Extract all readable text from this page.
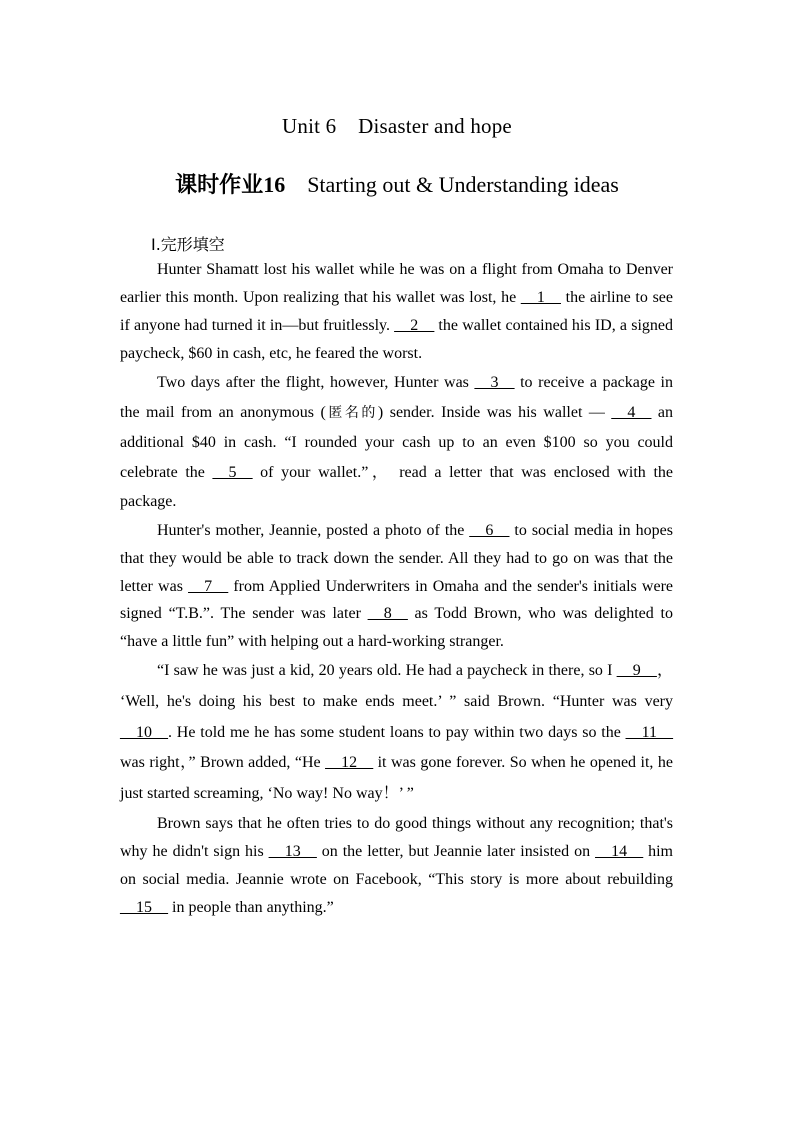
Unit 6    Disaster and hope
课时作业16 Starting out & Understanding ideas
Ⅰ.完形填空

Hunter Shamatt lost his wallet while he was on a flight from Omaha to Denver earlier this month. Upon realizing that his wallet was lost, he __1__ the airline to see if anyone had turned it in—but fruitlessly. __2__ the wallet contained his ID, a signed paycheck, $60 in cash, etc, he feared the worst.

Two days after the flight, however, Hunter was __3__ to receive a package in the mail from an anonymous (匿名的) sender. Inside was his wallet — __4__ an additional $40 in cash. “I rounded your cash up to an even $100 so you could celebrate the __5__ of your wallet.”， read a letter that was enclosed with the package.

Hunter's mother, Jeannie, posted a photo of the __6__ to social media in hopes that they would be able to track down the sender. All they had to go on was that the letter was __7__ from Applied Underwriters in Omaha and the sender's initials were signed “T.B.”. The sender was later __8__ as Todd Brown, who was delighted to “have a little fun” with helping out a hard-working stranger.

“I saw he was just a kid, 20 years old. He had a paycheck in there, so I __9__， ‘Well, he's doing his best to make ends meet.’ ” said Brown. “Hunter was very __10__. He told me he has some student loans to pay within two days so the __11__ was right，” Brown added, “He __12__ it was gone forever. So when he opened it, he just started screaming, ‘No way! No way！’ ”

Brown says that he often tries to do good things without any recognition; that's why he didn't sign his __13__ on the letter, but Jeannie later insisted on __14__ him on social media. Jeannie wrote on Facebook, “This story is more about rebuilding __15__ in people than anything.”
